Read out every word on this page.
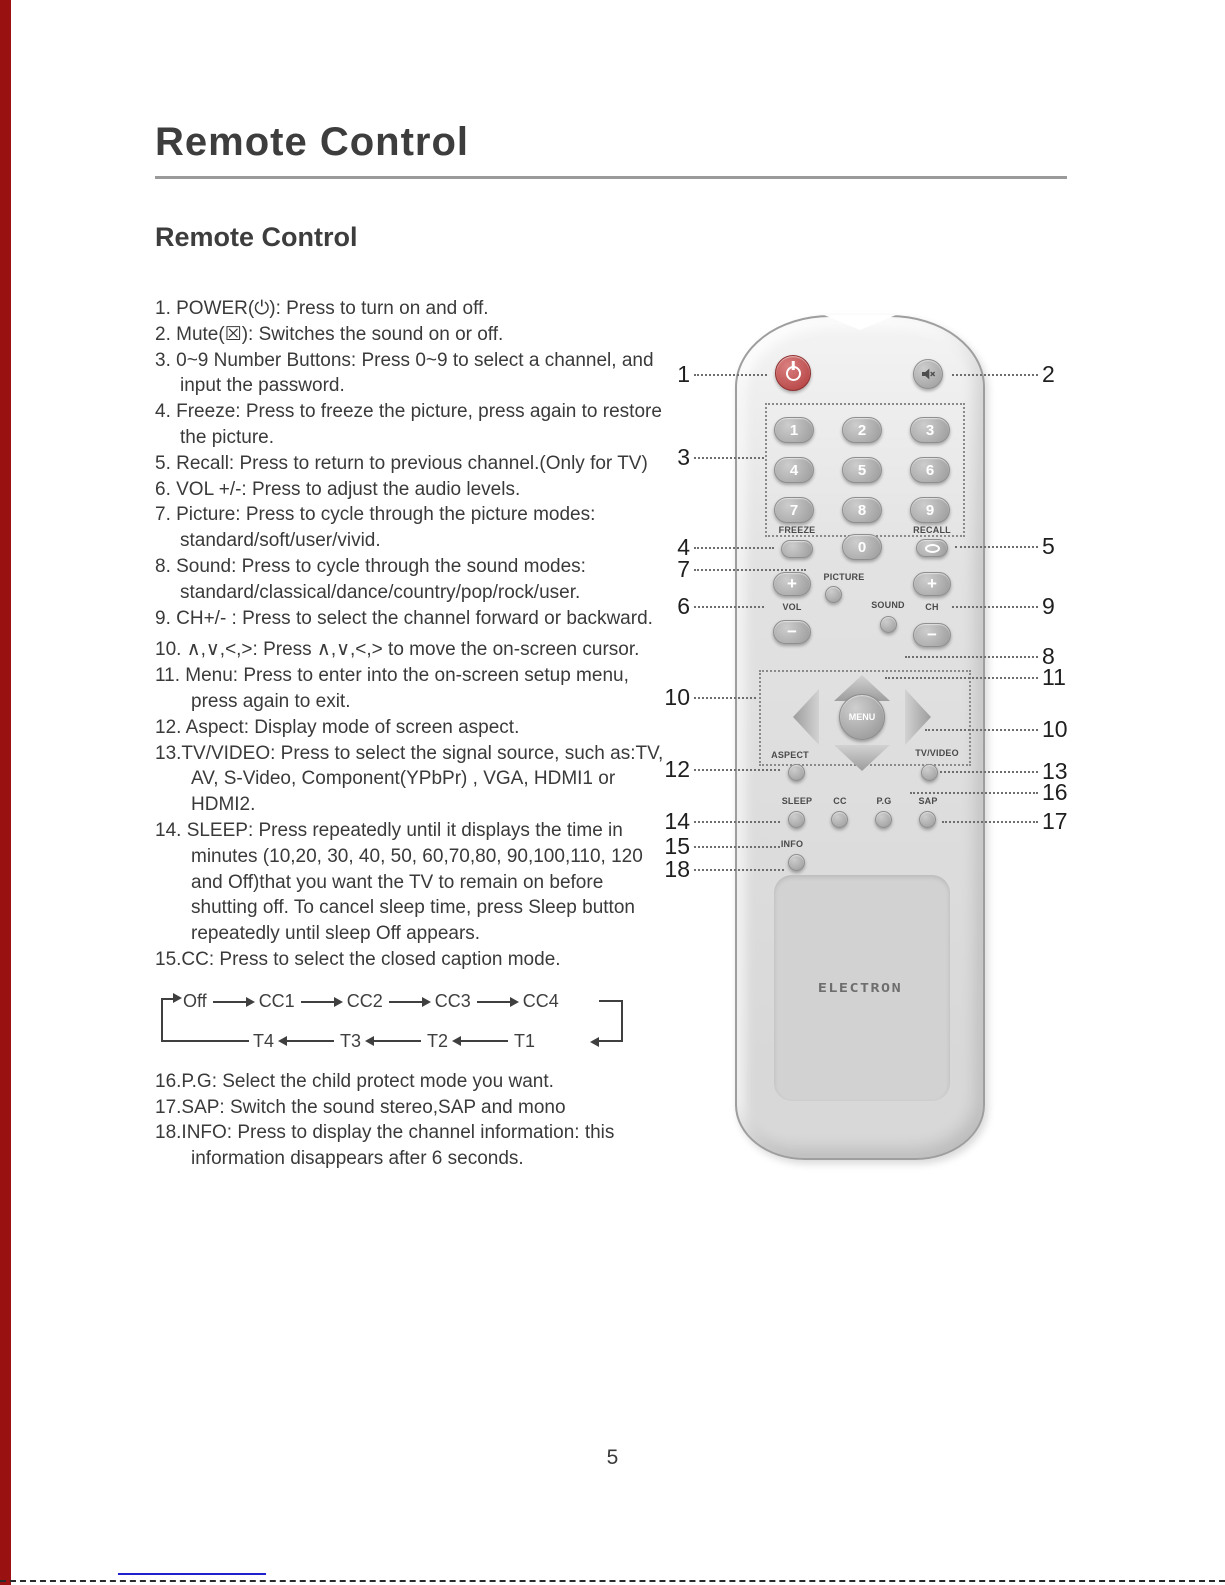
Remote Control
Remote Control
1. POWER(⏻): Press to turn on and off.
2. Mute(☒): Switches the sound on or off.
3. 0~9 Number Buttons: Press 0~9 to select a channel, and input the password.
4. Freeze: Press to freeze the picture, press again to restore the picture.
5. Recall: Press to return to previous channel.(Only for TV)
6. VOL +/-: Press to adjust the audio levels.
7. Picture: Press to cycle through the picture modes: standard/soft/user/vivid.
8. Sound: Press to cycle through the sound modes: standard/classical/dance/country/pop/rock/user.
9. CH+/- : Press to select the channel forward or backward.
10. ∧,∨,<,>: Press ∧,∨,<,> to move the on-screen cursor.
11. Menu: Press to enter into the on-screen setup menu, press again to exit.
12. Aspect: Display mode of screen aspect.
13.TV/VIDEO: Press to select the signal source, such as:TV, AV, S-Video, Component(YPbPr) , VGA, HDMI1 or HDMI2.
14. SLEEP: Press repeatedly until it displays the time in minutes (10,20, 30, 40, 50, 60,70,80, 90,100,110, 120 and Off)that you want the TV to remain on before shutting off. To cancel sleep time, press Sleep button repeatedly until sleep Off appears.
15.CC: Press to select the closed caption mode.
Off	CC1	CC2	CC3	CC4
T4	T3	T2	T1
16.P.G: Select the child protect mode you want.
17.SAP: Switch the sound stereo,SAP and mono
18.INFO: Press to display the channel information: this information disappears after 6 seconds.
1	2	3
4	5	6
7	8	9
0
FREEZE	RECALL
PICTURE
+
VOL
−
SOUND
+
CH
−
MENU
ASPECT	TV/VIDEO
SLEEP	CC	P.G	SAP
INFO
ELECTRON
1
3
4
7
6
10
12
14
15
18
2
5
9
8
11
10
13
16
17
5
